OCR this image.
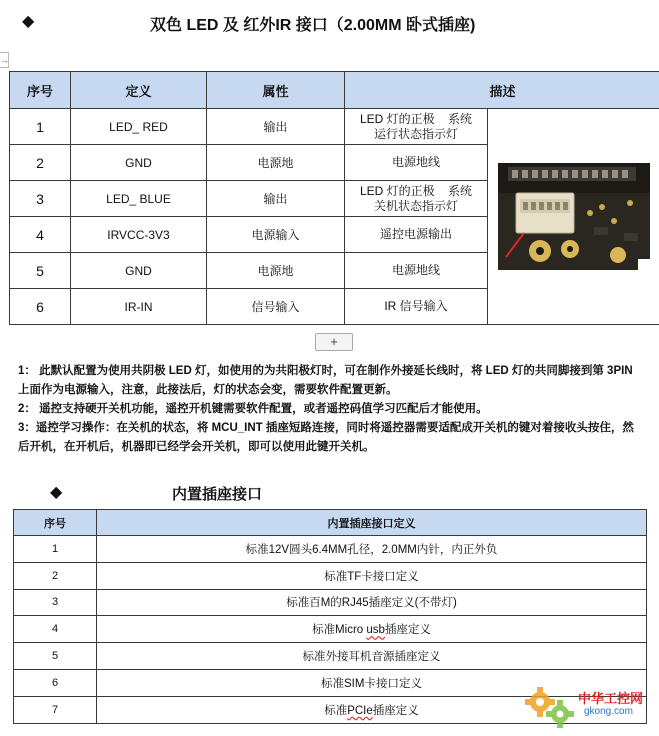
◆	双色 LED 及 红外IR 接口（2.00MM 卧式插座)
→
序号	定义	属性	描述	
1	LED_ RED	输出	LED 灯的正极    系统
运行状态指示灯

2	GND	电源地	电源地线	

3	LED_ BLUE	输出	LED 灯的正极    系统
关机状态指示灯	

4	IRVCC-3V3	电源输入	遥控电源输出	

5	GND	电源地	电源地线	

6	IR-IN	信号输入	IR 信号输入	
+

1： 此默认配置为使用共阴极 LED 灯，如使用的为共阳极灯时，可在制作外接延长线时，将 LED 灯的共同脚接到第 3PIN 上面作为电源输入，注意，此接法后，灯的状态会变，需要软件配置更新。

2： 遥控支持硬开关机功能，遥控开机键需要软件配置，或者遥控码值学习匹配后才能使用。

3：遥控学习操作：在关机的状态，将 MCU_INT 插座短路连接，同时将遥控器需要适配成开关机的键对着接收头按住，然后开机，在开机后，机器即已经学会开关机，即可以使用此键开关机。

◆	内置插座接口
序号	内置插座接口定义
1	标准12V圆头6.4MM孔径，2.0MM内针，内正外负
2	标准TF卡接口定义
3	标准百M的RJ45插座定义(不带灯)
4	标准Micro usb插座定义
5	标准外接耳机音源插座定义
6	标准SIM卡接口定义
7	标准PCIe插座定义
中华工控网
gkong.com
